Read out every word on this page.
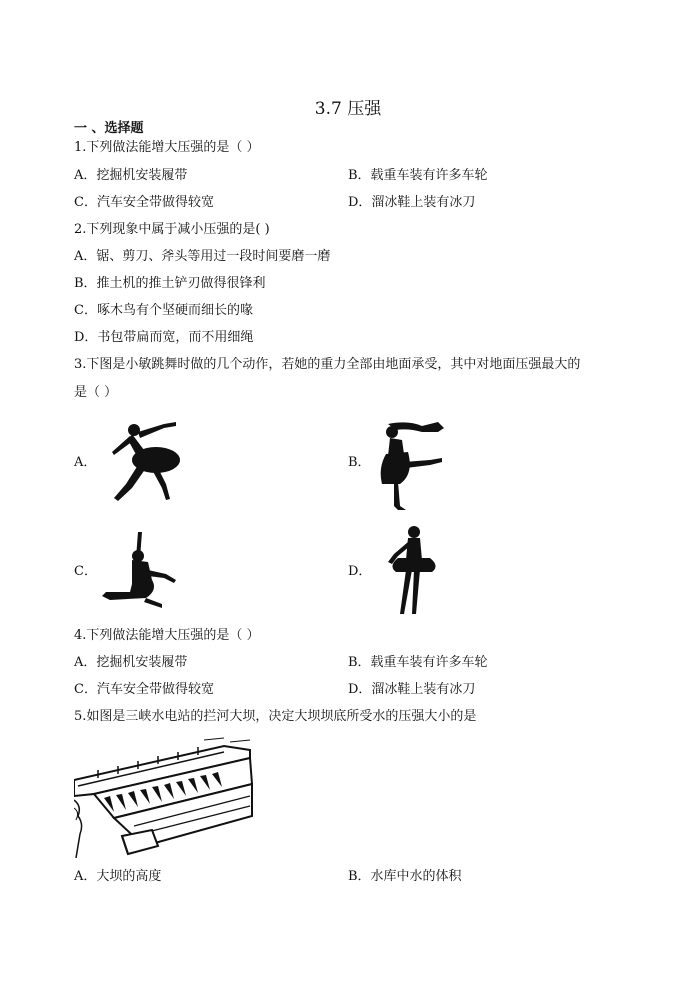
3.7 压强
一 、选择题
1.下列做法能增大压强的是（ ）
A．挖掘机安装履带	B．载重车装有许多车轮
C．汽车安全带做得较宽	D．溜冰鞋上装有冰刀
2.下列现象中属于减小压强的是( )
A．锯、剪刀、斧头等用过一段时间要磨一磨
B．推土机的推土铲刃做得很锋利
C．啄木鸟有个坚硬而细长的喙
D．书包带扁而宽，而不用细绳
3.下图是小敏跳舞时做的几个动作，若她的重力全部由地面承受，其中对地面压强最大的
是（ ）
A．	B．
C．	D．
4.下列做法能增大压强的是（ ）
A．挖掘机安装履带	B．载重车装有许多车轮
C．汽车安全带做得较宽	D．溜冰鞋上装有冰刀
5.如图是三峡水电站的拦河大坝，决定大坝坝底所受水的压强大小的是
A．大坝的高度	B．水库中水的体积
